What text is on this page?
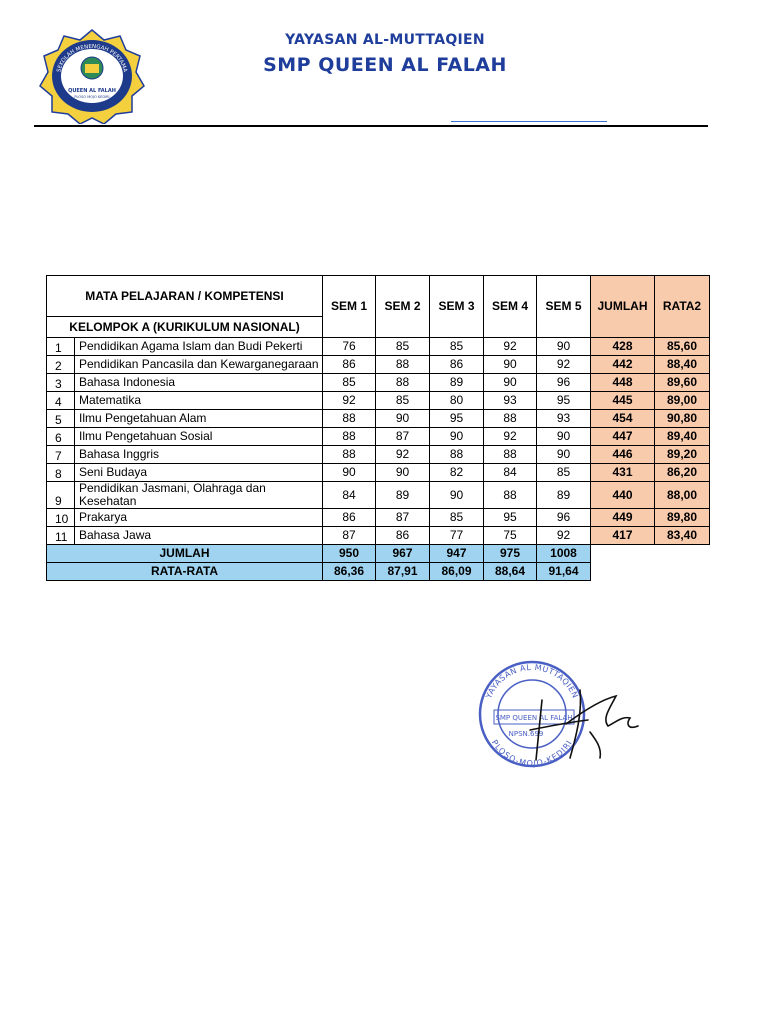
SEKOLAH MENENGAH PERTAMA
QUEEN AL FALAH
PLOSO MOJO KEDIRI
YAYASAN AL-MUTTAQIEN
SMP QUEEN AL FALAH
MATA PELAJARAN / KOMPETENSI		SEM 1	SEM 2	SEM 3	SEM 4	SEM 5	JUMLAH	RATA2
KELOMPOK A (KURIKULUM NASIONAL)								
1	Pendidikan Agama Islam dan Budi Pekerti	76	85	85	92	90	428	85,60
2	Pendidikan Pancasila dan Kewarganegaraan	86	88	86	90	92	442	88,40
3	Bahasa Indonesia	85	88	89	90	96	448	89,60
4	Matematika	92	85	80	93	95	445	89,00
5	Ilmu Pengetahuan Alam	88	90	95	88	93	454	90,80
6	Ilmu Pengetahuan Sosial	88	87	90	92	90	447	89,40
7	Bahasa Inggris	88	92	88	88	90	446	89,20
8	Seni Budaya	90	90	82	84	85	431	86,20
9	Pendidikan Jasmani, Olahraga dan Kesehatan	84	89	90	88	89	440	88,00
10	Prakarya	86	87	85	95	96	449	89,80
11	Bahasa Jawa	87	86	77	75	92	417	83,40
JUMLAH		950	967	947	975	1008		
RATA-RATA		86,36	87,91	86,09	88,64	91,64		
YAYASAN AL MUTTAQIEN
PLOSO-MOJO-KEDIRI
SMP QUEEN AL FALAH
NPSN.699
